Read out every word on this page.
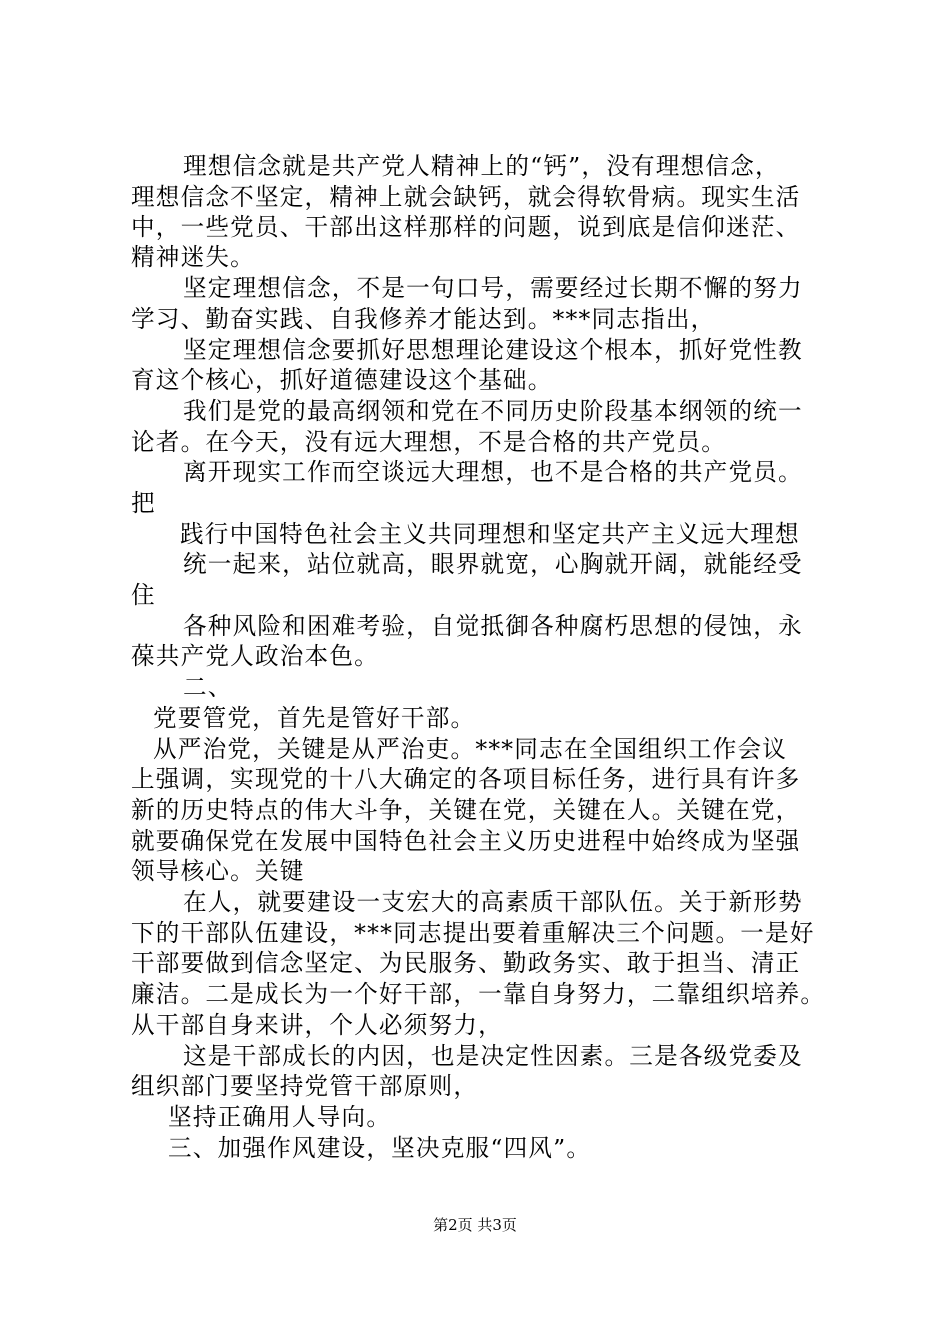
理想信念就是共产党人精神上的“钙”，没有理想信念，
理想信念不坚定，精神上就会缺钙，就会得软骨病。现实生活
中，一些党员、干部出这样那样的问题，说到底是信仰迷茫、
精神迷失。
坚定理想信念，不是一句口号，需要经过长期不懈的努力
学习、勤奋实践、自我修养才能达到。***同志指出，
坚定理想信念要抓好思想理论建设这个根本，抓好党性教
育这个核心，抓好道德建设这个基础。
我们是党的最高纲领和党在不同历史阶段基本纲领的统一
论者。在今天，没有远大理想，不是合格的共产党员。
离开现实工作而空谈远大理想，也不是合格的共产党员。
把
践行中国特色社会主义共同理想和坚定共产主义远大理想
统一起来，站位就高，眼界就宽，心胸就开阔，就能经受
住
各种风险和困难考验，自觉抵御各种腐朽思想的侵蚀，永
葆共产党人政治本色。
二、
党要管党，首先是管好干部。
从严治党，关键是从严治吏。***同志在全国组织工作会议
上强调，实现党的十八大确定的各项目标任务，进行具有许多
新的历史特点的伟大斗争，关键在党，关键在人。关键在党，
就要确保党在发展中国特色社会主义历史进程中始终成为坚强
领导核心。关键
在人，就要建设一支宏大的高素质干部队伍。关于新形势
下的干部队伍建设，***同志提出要着重解决三个问题。一是好
干部要做到信念坚定、为民服务、勤政务实、敢于担当、清正
廉洁。二是成长为一个好干部，一靠自身努力，二靠组织培养。
从干部自身来讲，个人必须努力，
这是干部成长的内因，也是决定性因素。三是各级党委及
组织部门要坚持党管干部原则，
坚持正确用人导向。
三、加强作风建设，坚决克服“四风”。
第2页 共3页
